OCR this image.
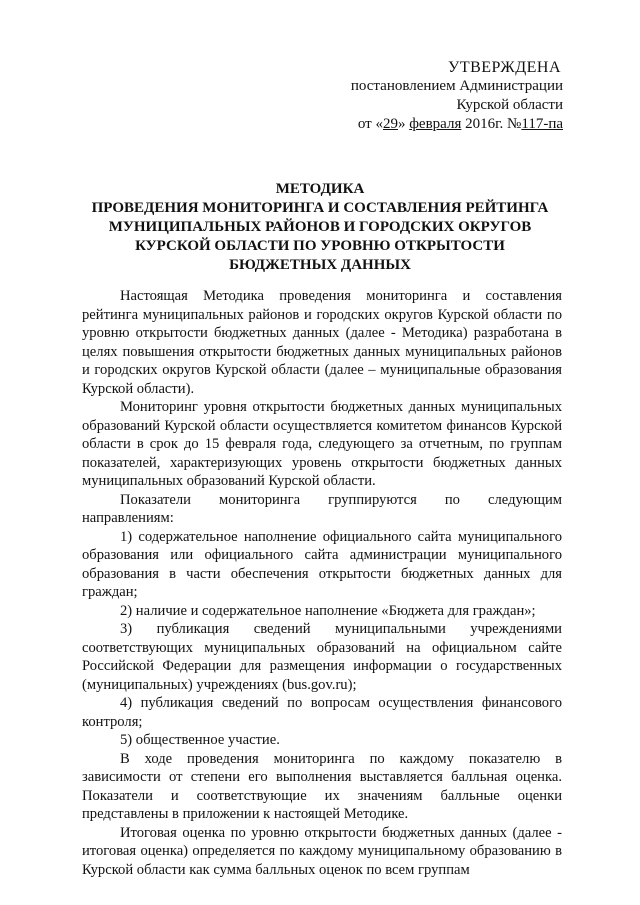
УТВЕРЖДЕНА
постановлением Администрации
Курской области
от «29» февраля 2016г. №117-па
МЕТОДИКА
ПРОВЕДЕНИЯ МОНИТОРИНГА И СОСТАВЛЕНИЯ РЕЙТИНГА
МУНИЦИПАЛЬНЫХ РАЙОНОВ И ГОРОДСКИХ ОКРУГОВ
КУРСКОЙ ОБЛАСТИ ПО УРОВНЮ ОТКРЫТОСТИ
БЮДЖЕТНЫХ ДАННЫХ

Настоящая Методика проведения мониторинга и составления рейтинга муниципальных районов и городских округов Курской области по уровню открытости бюджетных данных (далее - Методика) разработана в целях повышения открытости бюджетных данных муниципальных районов и городских округов Курской области (далее – муниципальные образования Курской области).

Мониторинг уровня открытости бюджетных данных муниципальных образований Курской области осуществляется комитетом финансов Курской области в срок до 15 февраля года, следующего за отчетным, по группам показателей, характеризующих уровень открытости бюджетных данных муниципальных образований Курской области.

Показатели мониторинга группируются по следующим

направлениям:

1) содержательное наполнение официального сайта муниципального образования или официального сайта администрации муниципального образования в части обеспечения открытости бюджетных данных для граждан;

2) наличие и содержательное наполнение «Бюджета для граждан»;

3) публикация сведений муниципальными учреждениями соответствующих муниципальных образований на официальном сайте Российской Федерации для размещения информации о государственных (муниципальных) учреждениях (bus.gov.ru);

4) публикация сведений по вопросам осуществления финансового контроля;

5) общественное участие.

В ходе проведения мониторинга по каждому показателю в зависимости от степени его выполнения выставляется балльная оценка. Показатели и соответствующие их значениям балльные оценки представлены в приложении к настоящей Методике.

Итоговая оценка по уровню открытости бюджетных данных (далее - итоговая оценка) определяется по каждому муниципальному образованию в Курской области как сумма балльных оценок по всем группам
